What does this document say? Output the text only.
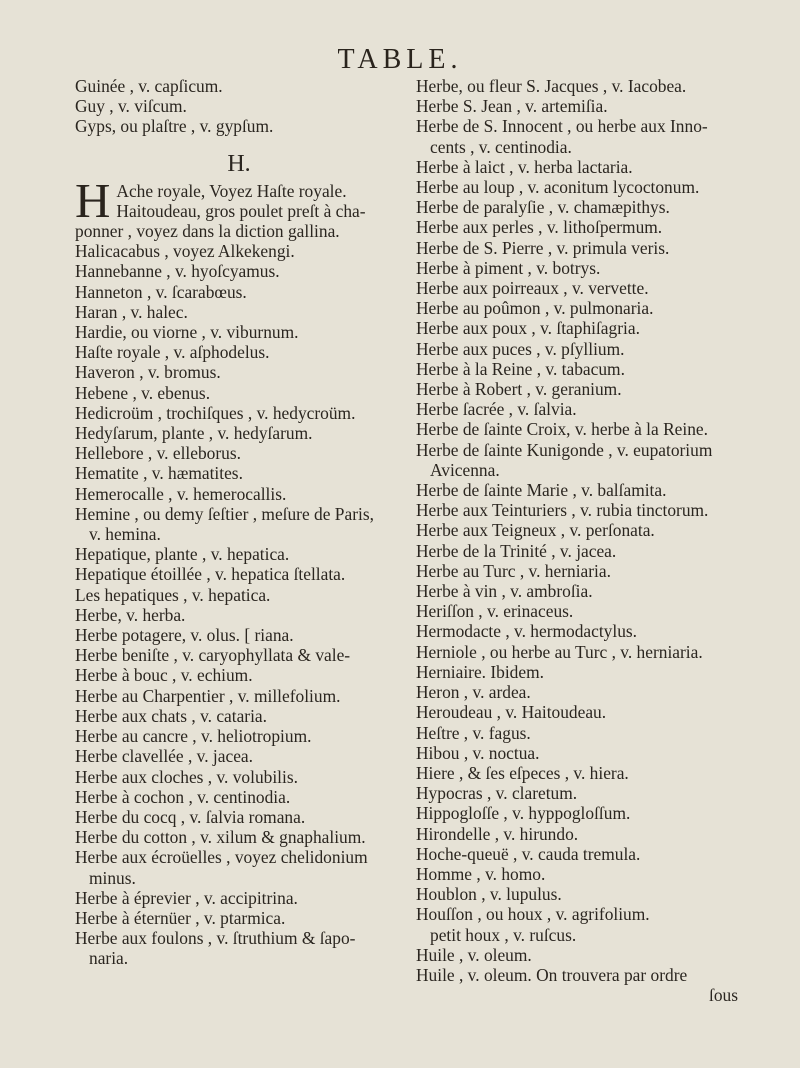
TABLE.
Guinée , v. capſicum.
Guy , v. viſcum.
Gyps, ou plaſtre , v. gypſum.
H.
H Ache royale, Voyez Haſte royale.
Haitoudeau, gros poulet preſt à cha-
ponner , voyez dans la diction gallina.
Halicacabus , voyez Alkekengi.
Hannebanne , v. hyoſcyamus.
Hanneton , v. ſcarabœus.
Haran , v. halec.
Hardie, ou viorne , v. viburnum.
Haſte royale , v. aſphodelus.
Haveron , v. bromus.
Hebene , v. ebenus.
Hedicroüm , trochiſques , v. hedycroüm.
Hedyſarum, plante , v. hedyſarum.
Hellebore , v. elleborus.
Hematite , v. hæmatites.
Hemerocalle , v. hemerocallis.
Hemine , ou demy ſeſtier , meſure de Paris,
v. hemina.
Hepatique, plante , v. hepatica.
Hepatique étoillée , v. hepatica ſtellata.
Les hepatiques , v. hepatica.
Herbe, v. herba.
Herbe potagere, v. olus. [ riana.
Herbe beniſte , v. caryophyllata & vale-
Herbe à bouc , v. echium.
Herbe au Charpentier , v. millefolium.
Herbe aux chats , v. cataria.
Herbe au cancre , v. heliotropium.
Herbe clavellée , v. jacea.
Herbe aux cloches , v. volubilis.
Herbe à cochon , v. centinodia.
Herbe du cocq , v. ſalvia romana.
Herbe du cotton , v. xilum & gnaphalium.
Herbe aux écroüelles , voyez chelidonium
minus.
Herbe à éprevier , v. accipitrina.
Herbe à éternüer , v. ptarmica.
Herbe aux foulons , v. ſtruthium & ſapo-
naria.
Herbe, ou fleur S. Jacques , v. Iacobea.
Herbe S. Jean , v. artemiſia.
Herbe de S. Innocent , ou herbe aux Inno-
cents , v. centinodia.
Herbe à laict , v. herba lactaria.
Herbe au loup , v. aconitum lycoctonum.
Herbe de paralyſie , v. chamæpithys.
Herbe aux perles , v. lithoſpermum.
Herbe de S. Pierre , v. primula veris.
Herbe à piment , v. botrys.
Herbe aux poirreaux , v. vervette.
Herbe au poûmon , v. pulmonaria.
Herbe aux poux , v. ſtaphiſagria.
Herbe aux puces , v. pſyllium.
Herbe à la Reine , v. tabacum.
Herbe à Robert , v. geranium.
Herbe ſacrée , v. ſalvia.
Herbe de ſainte Croix, v. herbe à la Reine.
Herbe de ſainte Kunigonde , v. eupatorium
Avicenna.
Herbe de ſainte Marie , v. balſamita.
Herbe aux Teinturiers , v. rubia tinctorum.
Herbe aux Teigneux , v. perſonata.
Herbe de la Trinité , v. jacea.
Herbe au Turc , v. herniaria.
Herbe à vin , v. ambroſia.
Heriſſon , v. erinaceus.
Hermodacte , v. hermodactylus.
Herniole , ou herbe au Turc , v. herniaria.
Herniaire. Ibidem.
Heron , v. ardea.
Heroudeau , v. Haitoudeau.
Heſtre , v. fagus.
Hibou , v. noctua.
Hiere , & ſes eſpeces , v. hiera.
Hypocras , v. claretum.
Hippogloſſe , v. hyppogloſſum.
Hirondelle , v. hirundo.
Hoche-queuë , v. cauda tremula.
Homme , v. homo.
Houblon , v. lupulus.
Houſſon , ou houx , v. agrifolium.
petit houx , v. ruſcus.
Huile , v. oleum.
Huile , v. oleum. On trouvera par ordre
ſous
